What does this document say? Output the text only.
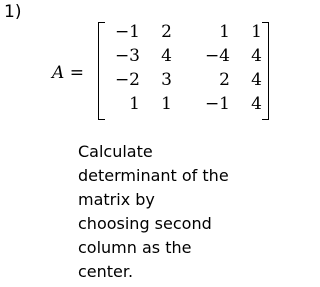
1)
A =
−1	2	1	1
−3	4	−4	4
−2	3	2	4
1	1	−1	4
Calculate
determinant of the
matrix by
choosing second
column as the
center.
